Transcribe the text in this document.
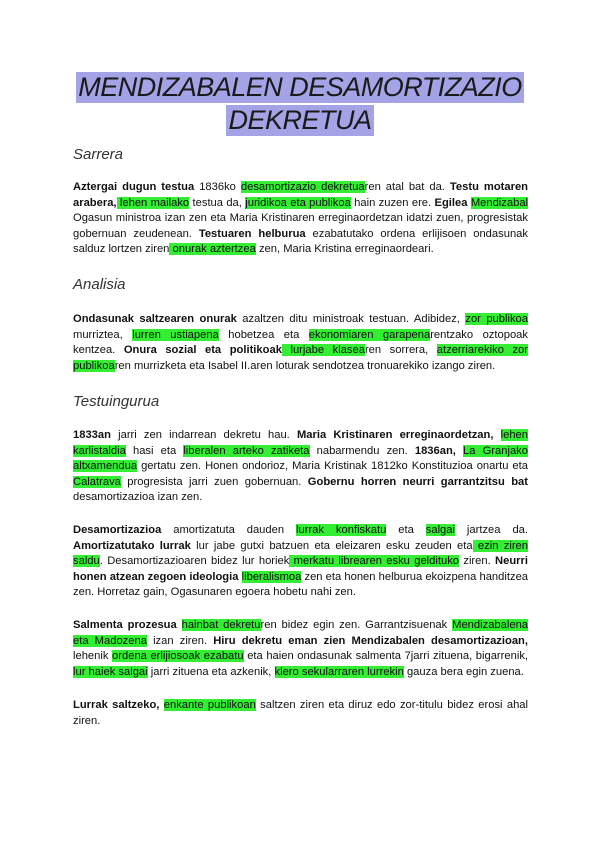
MENDIZABALEN DESAMORTIZAZIO
DEKRETUA
Sarrera
Aztergai dugun testua 1836ko desamortizazio dekretuaren atal bat da. Testu motaren arabera, lehen mailako testua da, juridikoa eta publikoa hain zuzen ere. Egilea Mendizabal Ogasun ministroa izan zen eta Maria Kristinaren erreginaordetzan idatzi zuen, progresistak gobernuan zeudenean. Testuaren helburua ezabatutako ordena erlijisoen ondasunak salduz lortzen ziren onurak aztertzea zen, Maria Kristina erreginaordeari.
Analisia
Ondasunak saltzearen onurak azaltzen ditu ministroak testuan. Adibidez, zor publikoa murriztea, lurren ustiapena hobetzea eta ekonomiaren garapenarentzako oztopoak kentzea. Onura sozial eta politikoak lurjabe klasearen sorrera, atzerriarekiko zor publikoaren murrizketa eta Isabel II.aren loturak sendotzea tronuarekiko izango ziren.
Testuingurua
1833an jarri zen indarrean dekretu hau. Maria Kristinaren erreginaordetzan, lehen karlistaldia hasi eta liberalen arteko zatiketa nabarmendu zen. 1836an, La Granjako altxamendua gertatu zen. Honen ondorioz, Maria Kristinak 1812ko Konstituzioa onartu eta Calatrava progresista jarri zuen gobernuan. Gobernu horren neurri garrantzitsu bat desamortizazioa izan zen.
Desamortizazioa amortizatuta dauden lurrak konfiskatu eta salgai jartzea da. Amortizatutako lurrak lur jabe gutxi batzuen eta eleizaren esku zeuden eta ezin ziren saldu. Desamortizazioaren bidez lur horiek merkatu librearen esku geldituko ziren. Neurri honen atzean zegoen ideologia liberalismoa zen eta honen helburua ekoizpena handitzea zen. Horretaz gain, Ogasunaren egoera hobetu nahi zen.
Salmenta prozesua hainbat dekreturen bidez egin zen. Garrantzisuenak Mendizabalena eta Madozena izan ziren. Hiru dekretu eman zien Mendizabalen desamortizazioan, lehenik ordena erlijiosoak ezabatu eta haien ondasunak salmenta 7jarri zituena, bigarrenik, lur haiek salgai jarri zituena eta azkenik, klero sekularraren lurrekin gauza bera egin zuena.
Lurrak saltzeko, enkante publikoan saltzen ziren eta diruz edo zor-titulu bidez erosi ahal ziren.
